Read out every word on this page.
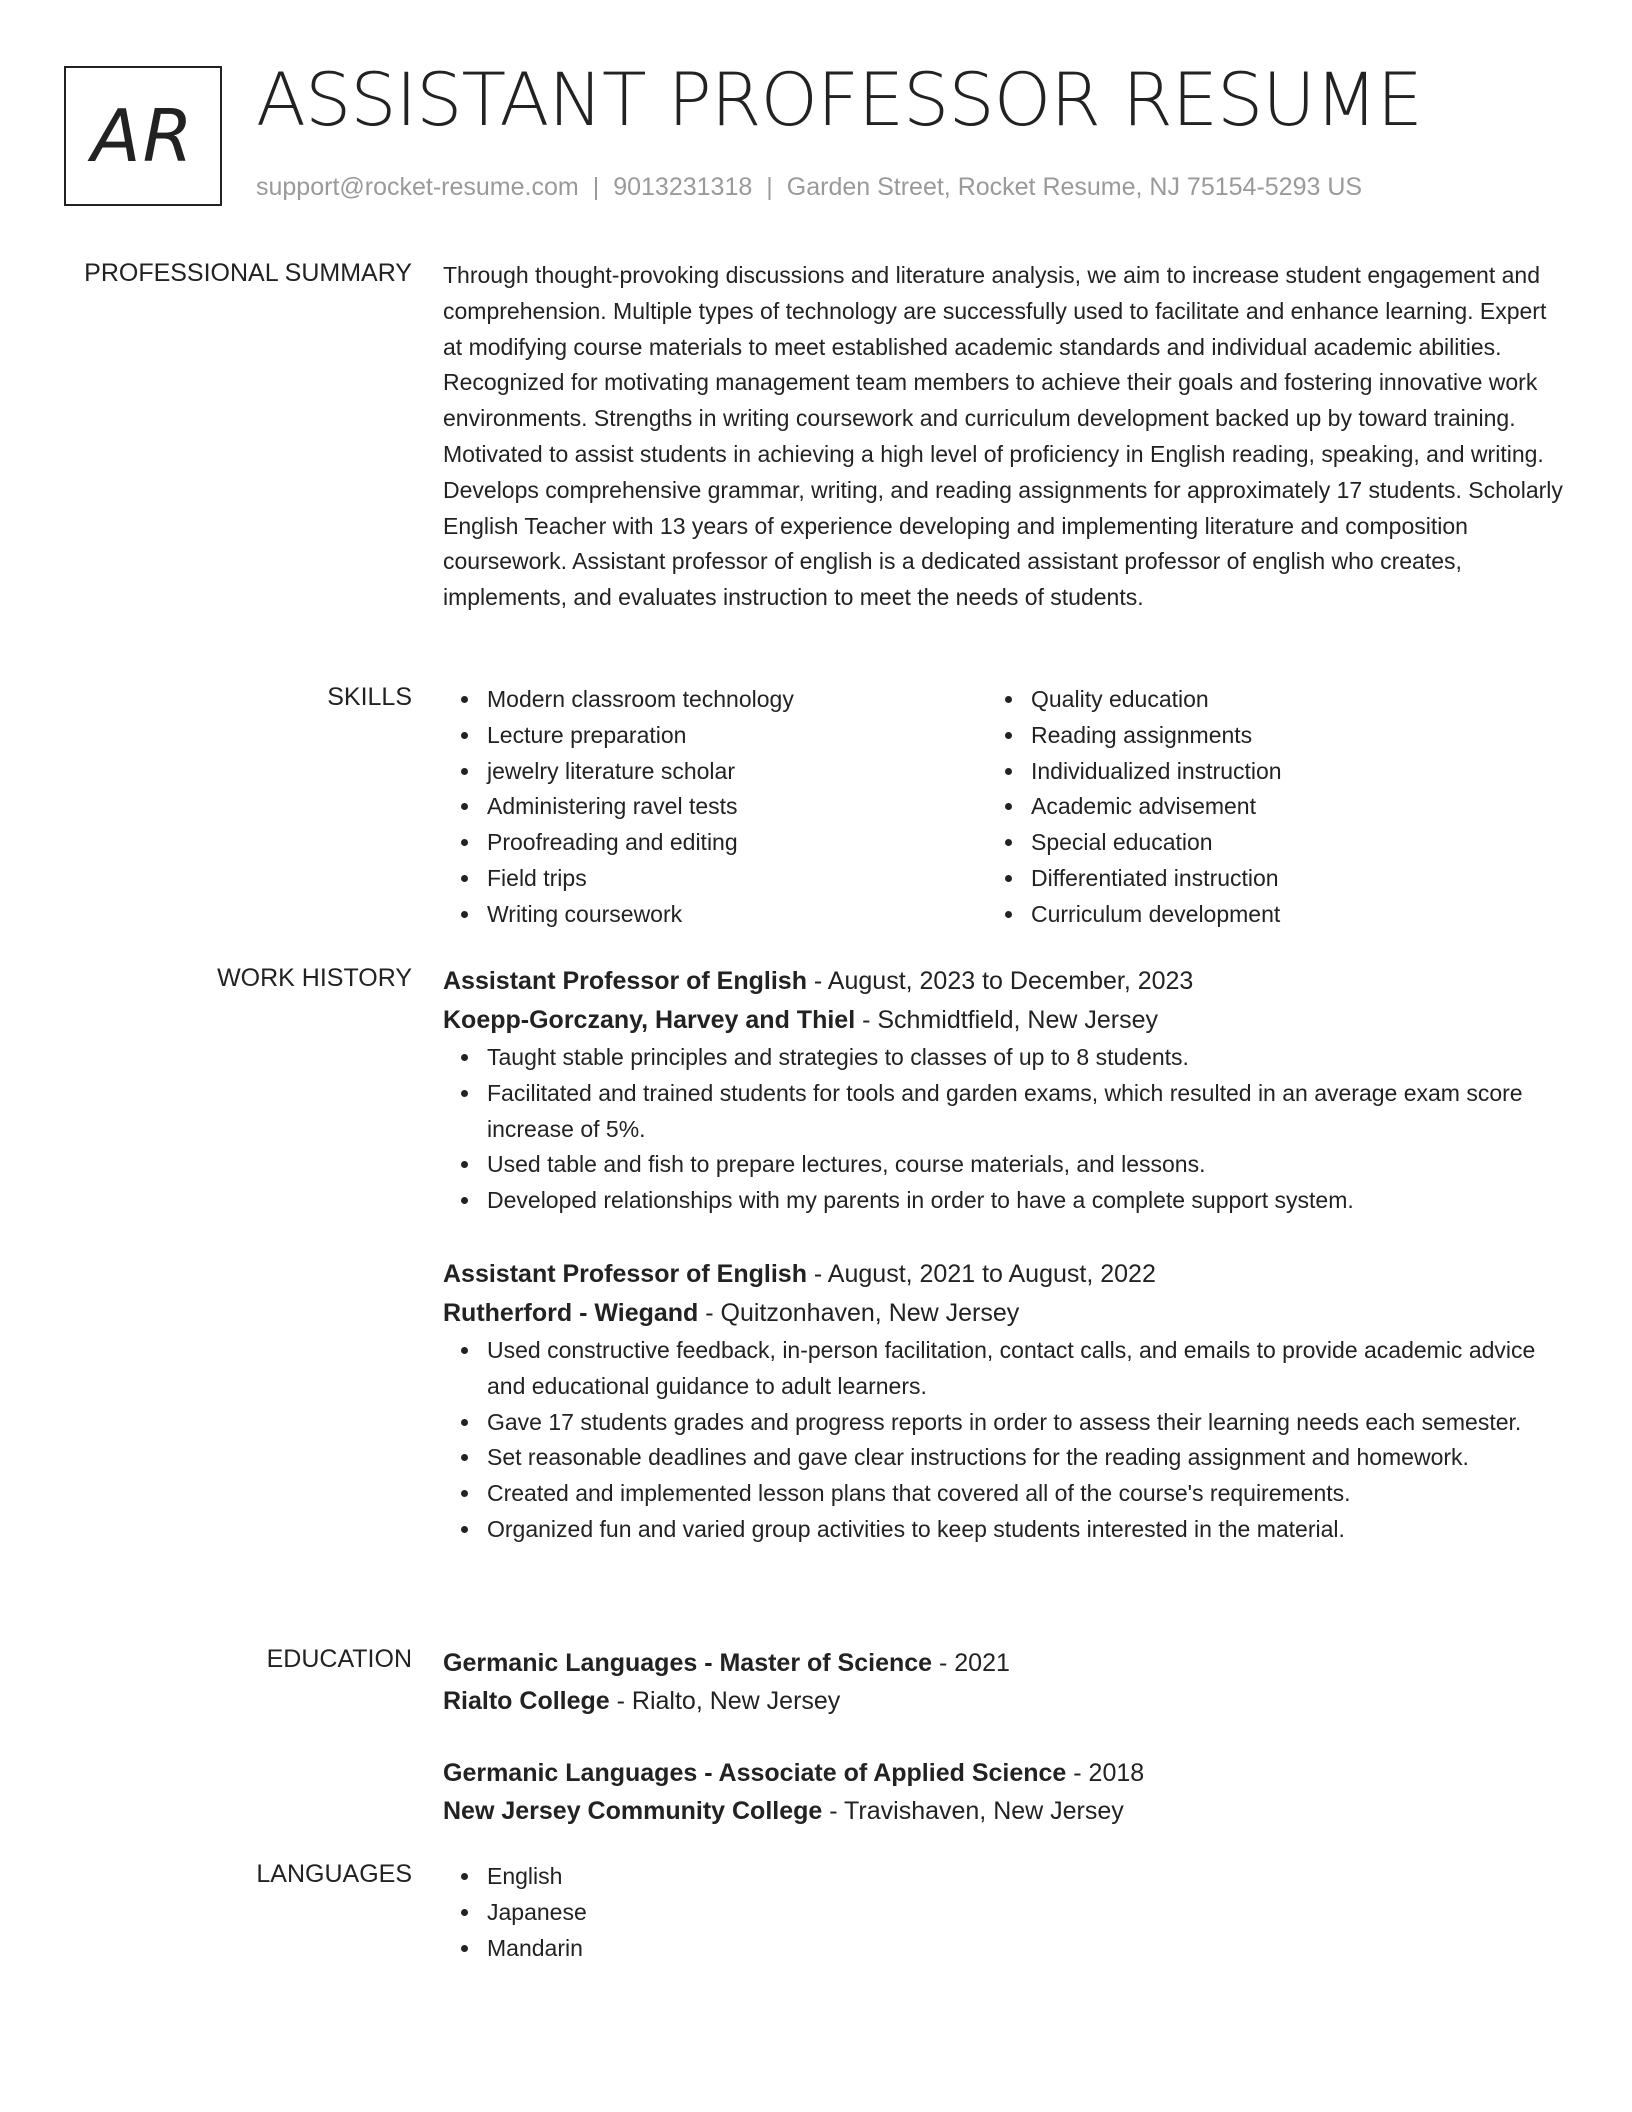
AR ASSISTANT PROFESSOR RESUME
support@rocket-resume.com | 9013231318 | Garden Street, Rocket Resume, NJ 75154-5293 US
PROFESSIONAL SUMMARY Through thought-provoking discussions and literature analysis, we aim to increase student engagement and comprehension. Multiple types of technology are successfully used to facilitate and enhance learning. Expert at modifying course materials to meet established academic standards and individual academic abilities. Recognized for motivating management team members to achieve their goals and fostering innovative work environments. Strengths in writing coursework and curriculum development backed up by toward training. Motivated to assist students in achieving a high level of proficiency in English reading, speaking, and writing. Develops comprehensive grammar, writing, and reading assignments for approximately 17 students. Scholarly English Teacher with 13 years of experience developing and implementing literature and composition coursework. Assistant professor of english is a dedicated assistant professor of english who creates, implements, and evaluates instruction to meet the needs of students.

SKILLS	Modern classroom technology
Lecture preparation
jewelry literature scholar
Administering ravel tests
Proofreading and editing
Field trips
Writing coursework
Quality education
Reading assignments
Individualized instruction
Academic advisement
Special education
Differentiated instruction
Curriculum development
WORK HISTORY Assistant Professor of English - August, 2023 to December, 2023
Koepp-Gorczany, Harvey and Thiel - Schmidtfield, New Jersey
Taught stable principles and strategies to classes of up to 8 students.
Facilitated and trained students for tools and garden exams, which resulted in an average exam score increase of 5%.
Used table and fish to prepare lectures, course materials, and lessons.
Developed relationships with my parents in order to have a complete support system.
Assistant Professor of English - August, 2021 to August, 2022
Rutherford - Wiegand - Quitzonhaven, New Jersey
Used constructive feedback, in-person facilitation, contact calls, and emails to provide academic advice and educational guidance to adult learners.
Gave 17 students grades and progress reports in order to assess their learning needs each semester.
Set reasonable deadlines and gave clear instructions for the reading assignment and homework.
Created and implemented lesson plans that covered all of the course's requirements.
Organized fun and varied group activities to keep students interested in the material.
EDUCATION Germanic Languages - Master of Science - 2021
Rialto College - Rialto, New Jersey
Germanic Languages - Associate of Applied Science - 2018
New Jersey Community College - Travishaven, New Jersey
LANGUAGES	English
Japanese
Mandarin
